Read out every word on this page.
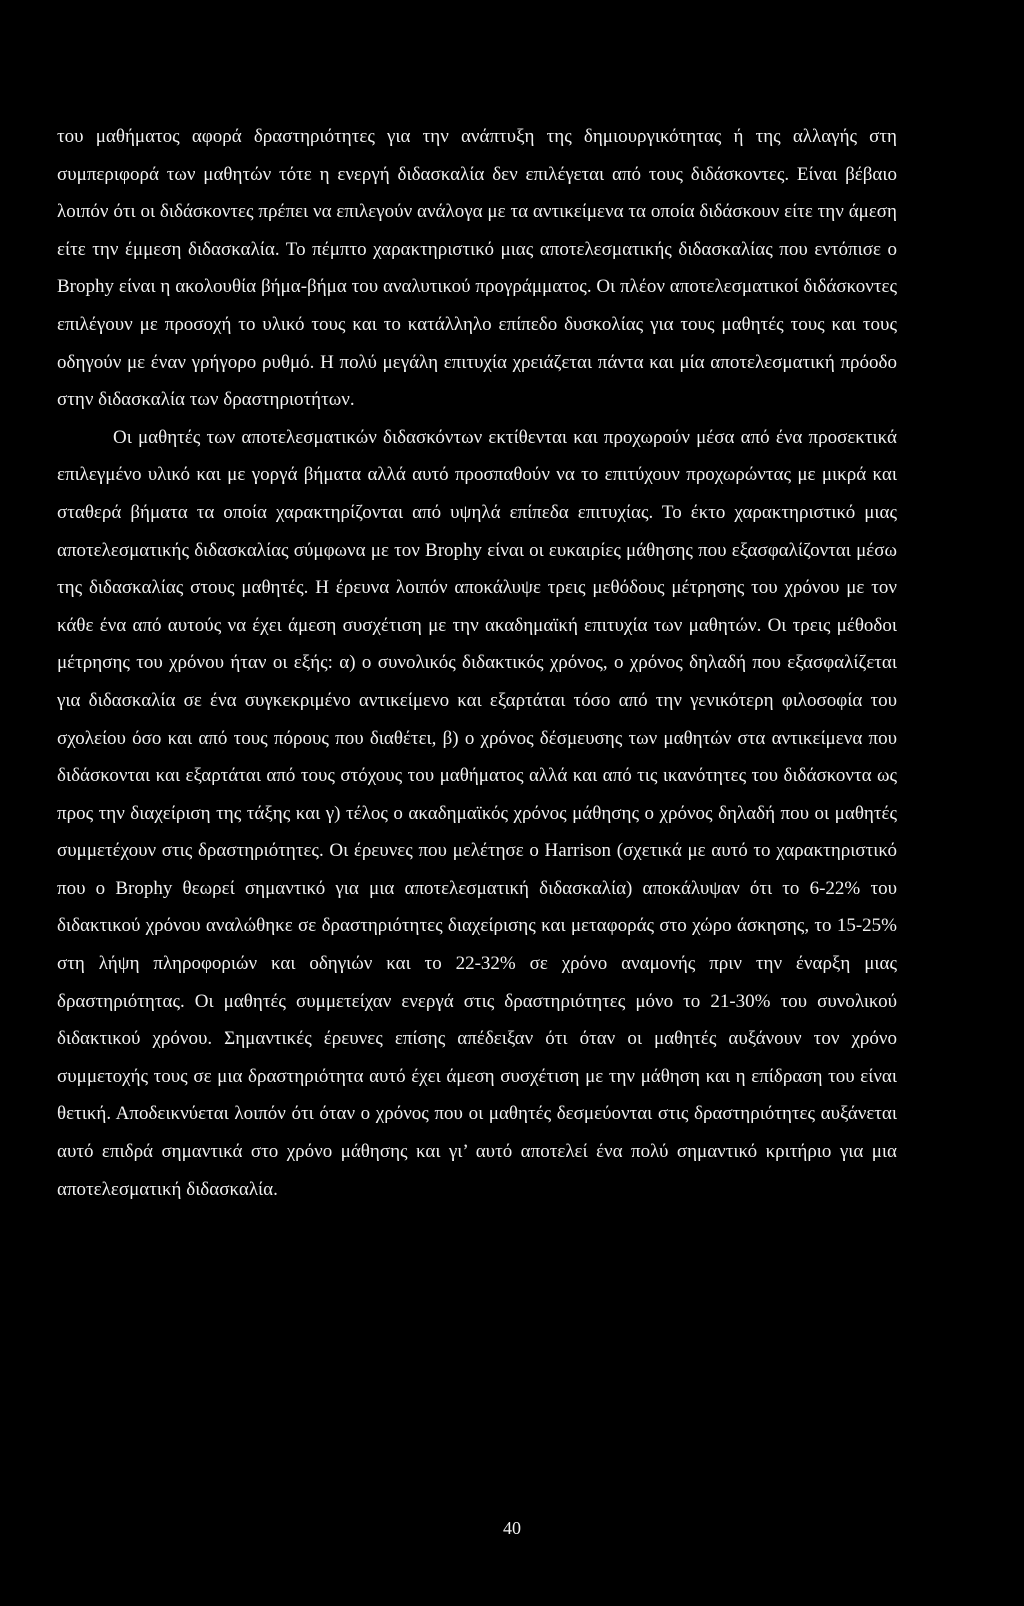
του μαθήματος αφορά δραστηριότητες για την ανάπτυξη της δημιουργικότητας ή της αλλαγής στη συμπεριφορά των μαθητών τότε η ενεργή διδασκαλία δεν επιλέγεται από τους διδάσκοντες. Είναι βέβαιο λοιπόν ότι οι διδάσκοντες πρέπει να επιλεγούν ανάλογα με τα αντικείμενα τα οποία διδάσκουν είτε την άμεση είτε την έμμεση διδασκαλία. Το πέμπτο χαρακτηριστικό μιας αποτελεσματικής διδασκαλίας που εντόπισε ο Brophy είναι η ακολουθία βήμα-βήμα του αναλυτικού προγράμματος. Οι πλέον αποτελεσματικοί διδάσκοντες επιλέγουν με προσοχή το υλικό τους και το κατάλληλο επίπεδο δυσκολίας για τους μαθητές τους και τους οδηγούν με έναν γρήγορο ρυθμό. Η πολύ μεγάλη επιτυχία χρειάζεται πάντα και μία αποτελεσματική πρόοδο στην διδασκαλία των δραστηριοτήτων.

Οι μαθητές των αποτελεσματικών διδασκόντων εκτίθενται και προχωρούν μέσα από ένα προσεκτικά επιλεγμένο υλικό και με γοργά βήματα αλλά αυτό προσπαθούν να το επιτύχουν προχωρώντας με μικρά και σταθερά βήματα τα οποία χαρακτηρίζονται από υψηλά επίπεδα επιτυχίας. Το έκτο χαρακτηριστικό μιας αποτελεσματικής διδασκαλίας σύμφωνα με τον Brophy είναι οι ευκαιρίες μάθησης που εξασφαλίζονται μέσω της διδασκαλίας στους μαθητές. Η έρευνα λοιπόν αποκάλυψε τρεις μεθόδους μέτρησης του χρόνου με τον κάθε ένα από αυτούς να έχει άμεση συσχέτιση με την ακαδημαϊκή επιτυχία των μαθητών. Οι τρεις μέθοδοι μέτρησης του χρόνου ήταν οι εξής: α) ο συνολικός διδακτικός χρόνος, ο χρόνος δηλαδή που εξασφαλίζεται για διδασκαλία σε ένα συγκεκριμένο αντικείμενο και εξαρτάται τόσο από την γενικότερη φιλοσοφία του σχολείου όσο και από τους πόρους που διαθέτει, β) ο χρόνος δέσμευσης των μαθητών στα αντικείμενα που διδάσκονται και εξαρτάται από τους στόχους του μαθήματος αλλά και από τις ικανότητες του διδάσκοντα ως προς την διαχείριση της τάξης και γ) τέλος ο ακαδημαϊκός χρόνος μάθησης ο χρόνος δηλαδή που οι μαθητές συμμετέχουν στις δραστηριότητες. Οι έρευνες που μελέτησε ο Harrison (σχετικά με αυτό το χαρακτηριστικό που ο Brophy θεωρεί σημαντικό για μια αποτελεσματική διδασκαλία) αποκάλυψαν ότι το 6-22% του διδακτικού χρόνου αναλώθηκε σε δραστηριότητες διαχείρισης και μεταφοράς στο χώρο άσκησης, το 15-25% στη λήψη πληροφοριών και οδηγιών και το 22-32% σε χρόνο αναμονής πριν την έναρξη μιας δραστηριότητας. Οι μαθητές συμμετείχαν ενεργά στις δραστηριότητες μόνο το 21-30% του συνολικού διδακτικού χρόνου. Σημαντικές έρευνες επίσης απέδειξαν ότι όταν οι μαθητές αυξάνουν τον χρόνο συμμετοχής τους σε μια δραστηριότητα αυτό έχει άμεση συσχέτιση με την μάθηση και η επίδραση του είναι θετική. Αποδεικνύεται λοιπόν ότι όταν ο χρόνος που οι μαθητές δεσμεύονται στις δραστηριότητες αυξάνεται αυτό επιδρά σημαντικά στο χρόνο μάθησης και γι’ αυτό αποτελεί ένα πολύ σημαντικό κριτήριο για μια αποτελεσματική διδασκαλία.

40
